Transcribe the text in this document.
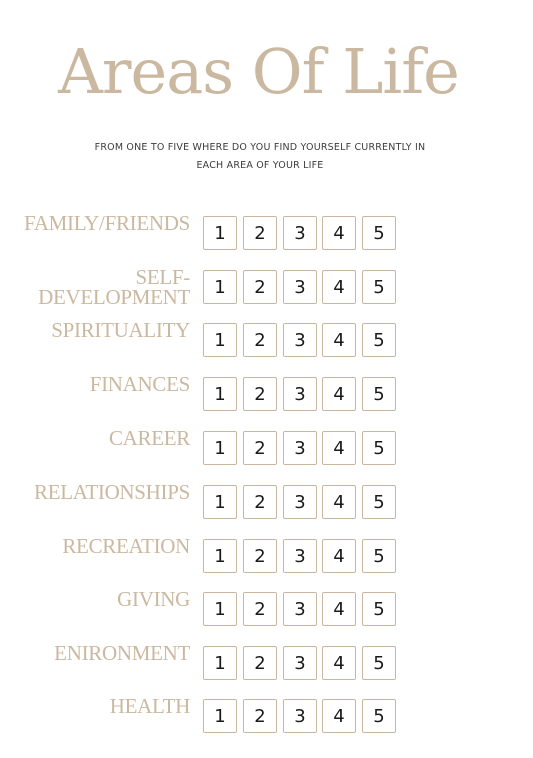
Areas Of Life
FROM ONE TO FIVE WHERE DO YOU FIND YOURSELF CURRENTLY IN
EACH AREA OF YOUR LIFE
FAMILY/FRIENDS	1	2	3	4	5
SELF-
DEVELOPMENT	1	2	3	4	5
SPIRITUALITY	1	2	3	4	5
FINANCES	1	2	3	4	5
CAREER	1	2	3	4	5
RELATIONSHIPS	1	2	3	4	5
RECREATION	1	2	3	4	5
GIVING	1	2	3	4	5
ENIRONMENT	1	2	3	4	5
HEALTH	1	2	3	4	5
